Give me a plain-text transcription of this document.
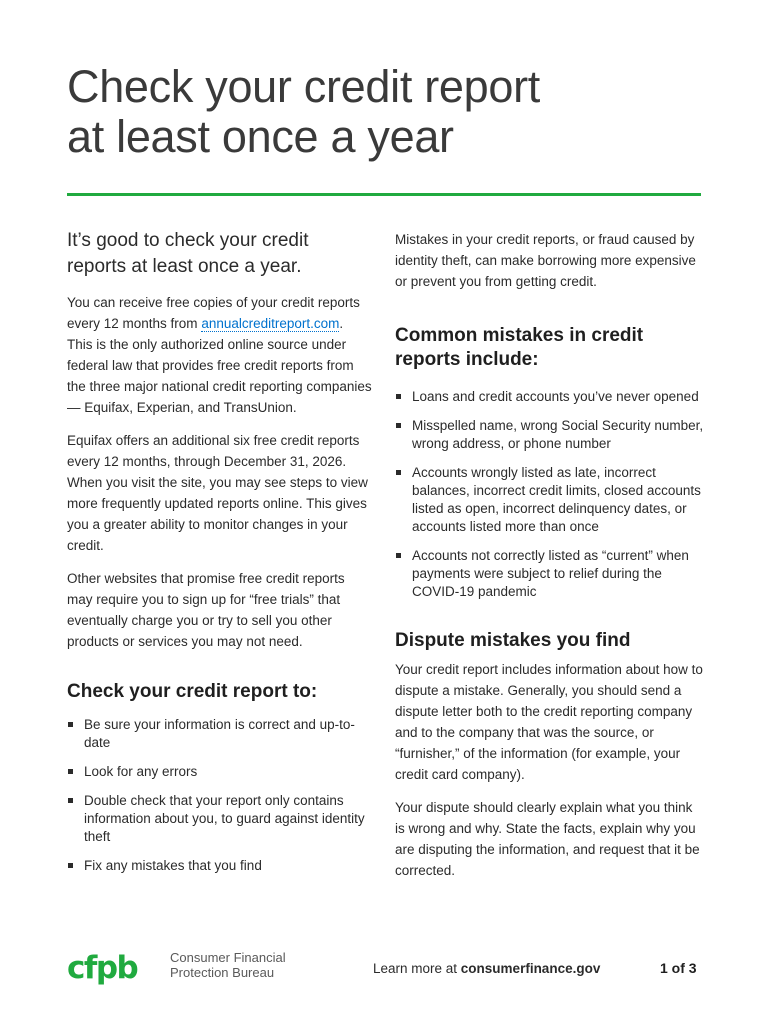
Check your credit report
at least once a year

It’s good to check your credit reports at least once a year.

You can receive free copies of your credit reports every 12 months from annualcreditreport.com. This is the only authorized online source under federal law that provides free credit reports from the three major national credit reporting companies— Equifax, Experian, and TransUnion.

Equifax offers an additional six free credit reports every 12 months, through December 31, 2026. When you visit the site, you may see steps to view more frequently updated reports online. This gives you a greater ability to monitor changes in your credit.

Other websites that promise free credit reports may require you to sign up for “free trials” that eventually charge you or try to sell you other products or services you may not need.

Check your credit report to:
Be sure your information is correct and up-to-date
Look for any errors
Double check that your report only contains information about you, to guard against identity theft
Fix any mistakes that you find

Mistakes in your credit reports, or fraud caused by identity theft, can make borrowing more expensive or prevent you from getting credit.

Common mistakes in credit reports include:
Loans and credit accounts you’ve never opened
Misspelled name, wrong Social Security number, wrong address, or phone number
Accounts wrongly listed as late, incorrect balances, incorrect credit limits, closed accounts listed as open, incorrect delinquency dates, or accounts listed more than once
Accounts not correctly listed as “current” when payments were subject to relief during the COVID-19 pandemic
Dispute mistakes you find

Your credit report includes information about how to dispute a mistake. Generally, you should send a dispute letter both to the credit reporting company and to the company that was the source, or “furnisher,” of the information (for example, your credit card company).

Your dispute should clearly explain what you think is wrong and why. State the facts, explain why you are disputing the information, and request that it be corrected.

cfpb	Consumer Financial
Protection Bureau	Learn more at consumerfinance.gov	1 of 3
